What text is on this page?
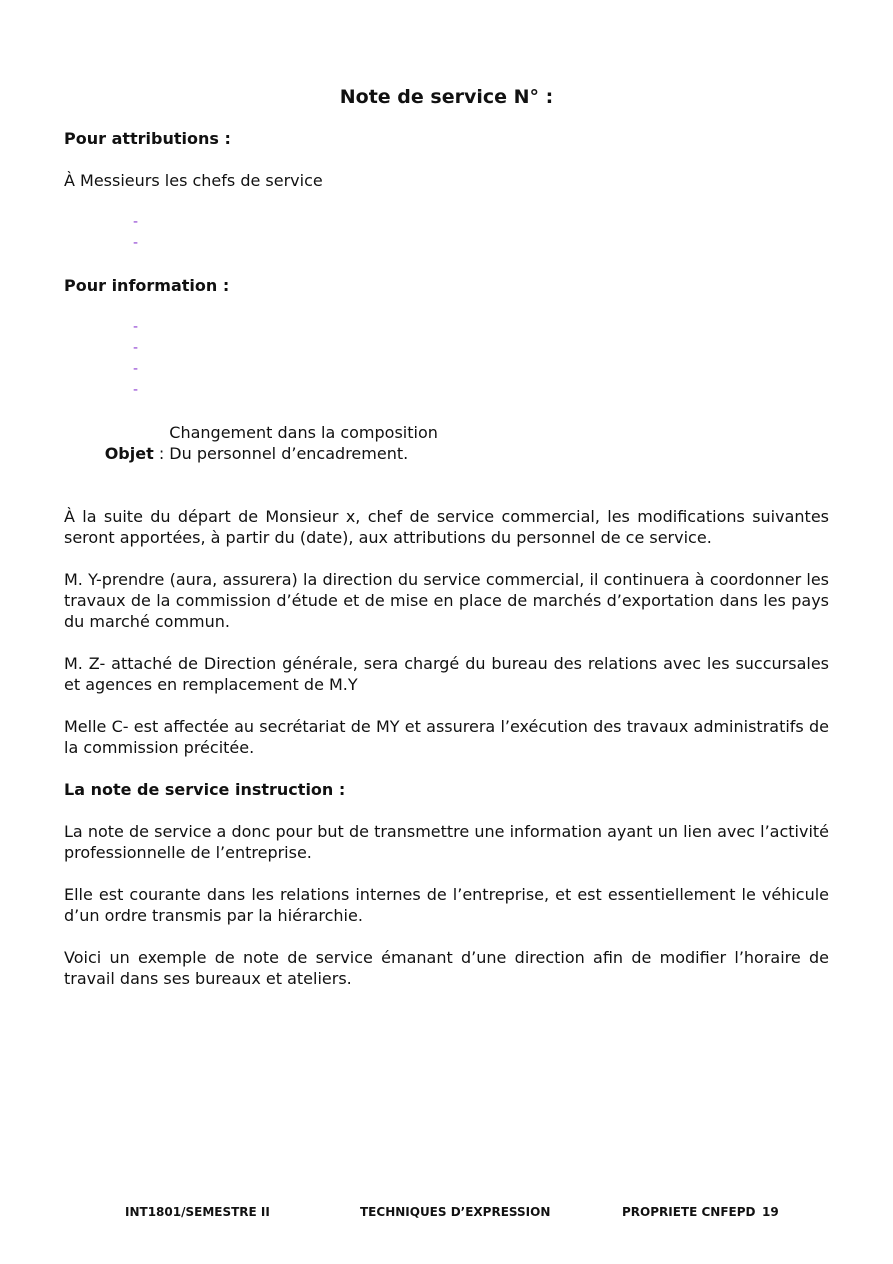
Note de service N° :

Pour attributions :

À Messieurs les chefs de service

-
-

Pour information :

-
-
-
-

Objet :

Changement dans la composition
Du personnel d’encadrement.

À la suite du départ de Monsieur x, chef de service commercial, les modifications suivantes seront apportées, à partir du (date), aux attributions du personnel de ce service.

M. Y-prendre (aura, assurera) la direction du service commercial, il continuera à coordonner les travaux de la commission d’étude et de mise en place de marchés d’exportation dans les pays du marché commun.

M. Z- attaché de Direction générale, sera chargé du bureau des relations avec les succursales et agences en remplacement de M.Y

Melle C- est affectée au secrétariat de MY et assurera l’exécution des travaux administratifs de la commission précitée.

La note de service instruction :

La note de service a donc pour but de transmettre une information ayant un lien avec l’activité professionnelle de l’entreprise.

Elle est courante dans les relations internes de l’entreprise, et est essentiellement le véhicule d’un ordre transmis par la hiérarchie.

Voici un exemple de note de service émanant d’une direction afin de modifier l’horaire de travail dans ses bureaux et ateliers.

INT1801/SEMESTRE II	TECHNIQUES D’EXPRESSION	PROPRIETE CNFEPD 19
